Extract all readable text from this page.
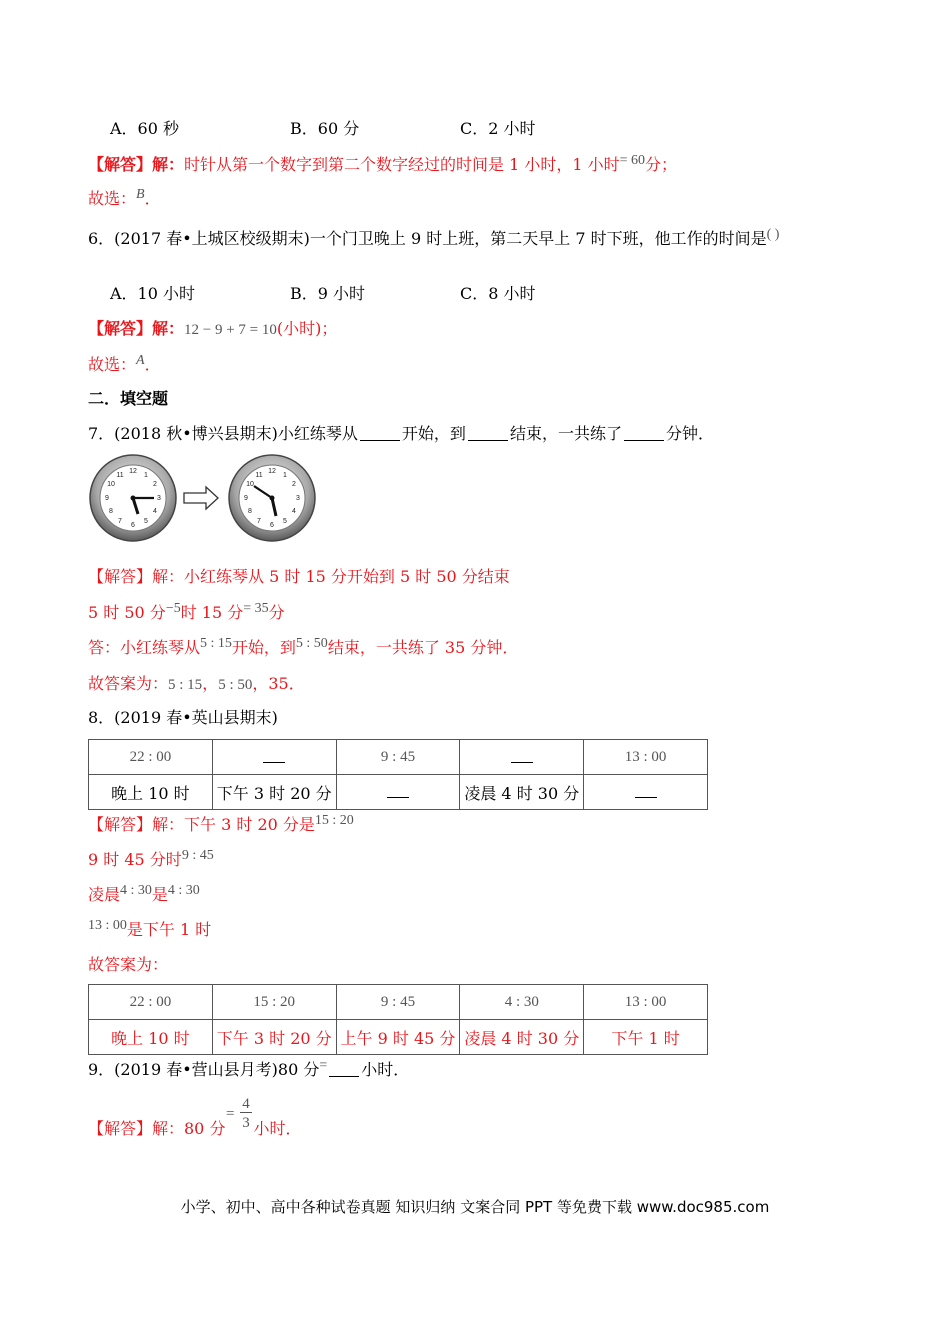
A．60 秒	B．60 分	C．2 小时
【解答】解：时针从第一个数字到第二个数字经过的时间是 1 小时，1 小时= 60分；
故选：B．
6．(2017 春•上城区校级期末)一个门卫晚上 9 时上班，第二天早上 7 时下班，他工作的时间是( )
A．10 小时	B．9 小时	C．8 小时
【解答】解：12 − 9 + 7 = 10(小时)；
故选：A．
二．填空题
7．(2018 秋•博兴县期末)小红练琴从	开始，到	结束，一共练了	分钟．
12
1
2
3
4
5
6
7
8
9
10
11
12
1
2
3
4
5
6
7
8
9
10
11
【解答】解：小红练琴从 5 时 15 分开始到 5 时 50 分结束
5 时 50 分−5时 15 分= 35分
答：小红练琴从5 : 15开始，到5 : 50结束，一共练了 35 分钟．
故答案为：5 : 15，5 : 50，35．
8．(2019 春•英山县期末)
22 : 00		9 : 45		13 : 00
晚上 10 时	下午 3 时 20 分		凌晨 4 时 30 分	
【解答】解：下午 3 时 20 分是15 : 20
9 时 45 分时9 : 45
凌晨4 : 30是4 : 30
13 : 00是下午 1 时
故答案为：
22 : 00	15 : 20	9 : 45	4 : 30	13 : 00
晚上 10 时	下午 3 时 20 分	上午 9 时 45 分	凌晨 4 时 30 分	下午 1 时
9．(2019 春•营山县月考)80 分= 小时．
【解答】解：80 分 小时．
=
4
3
小学、初中、高中各种试卷真题 知识归纳 文案合同 PPT 等免费下载 www.doc985.com
